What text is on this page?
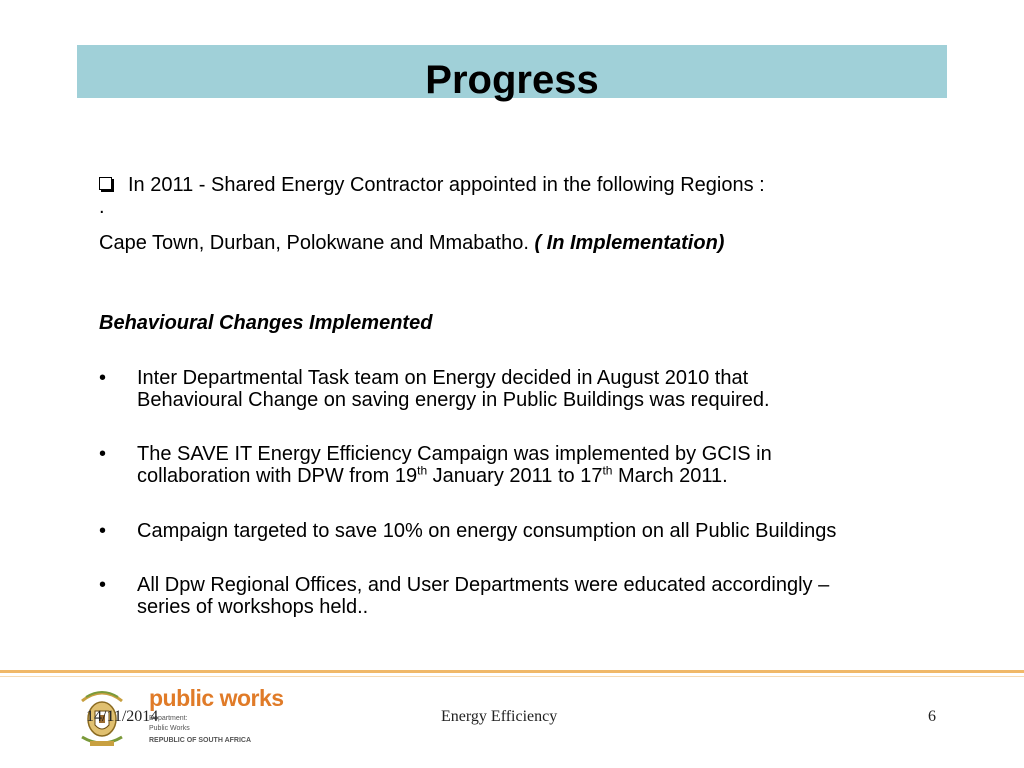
Progress
In 2011 - Shared Energy Contractor appointed in the following Regions :
.
Cape Town, Durban, Polokwane and Mmabatho. ( In Implementation)
Behavioural Changes Implemented
• Inter Departmental Task team on Energy decided in August 2010 that
Behavioural Change on saving energy in Public Buildings was required.
• The SAVE IT Energy Efficiency Campaign was implemented by GCIS in
collaboration with DPW from 19th January 2011 to 17th March 2011.
• Campaign targeted to save 10% on energy consumption on all Public Buildings
• All Dpw Regional Offices, and User Departments were educated accordingly –
series of workshops held..
public works
Department:
Public Works
REPUBLIC OF SOUTH AFRICA
14/11/2014	Energy Efficiency	6
